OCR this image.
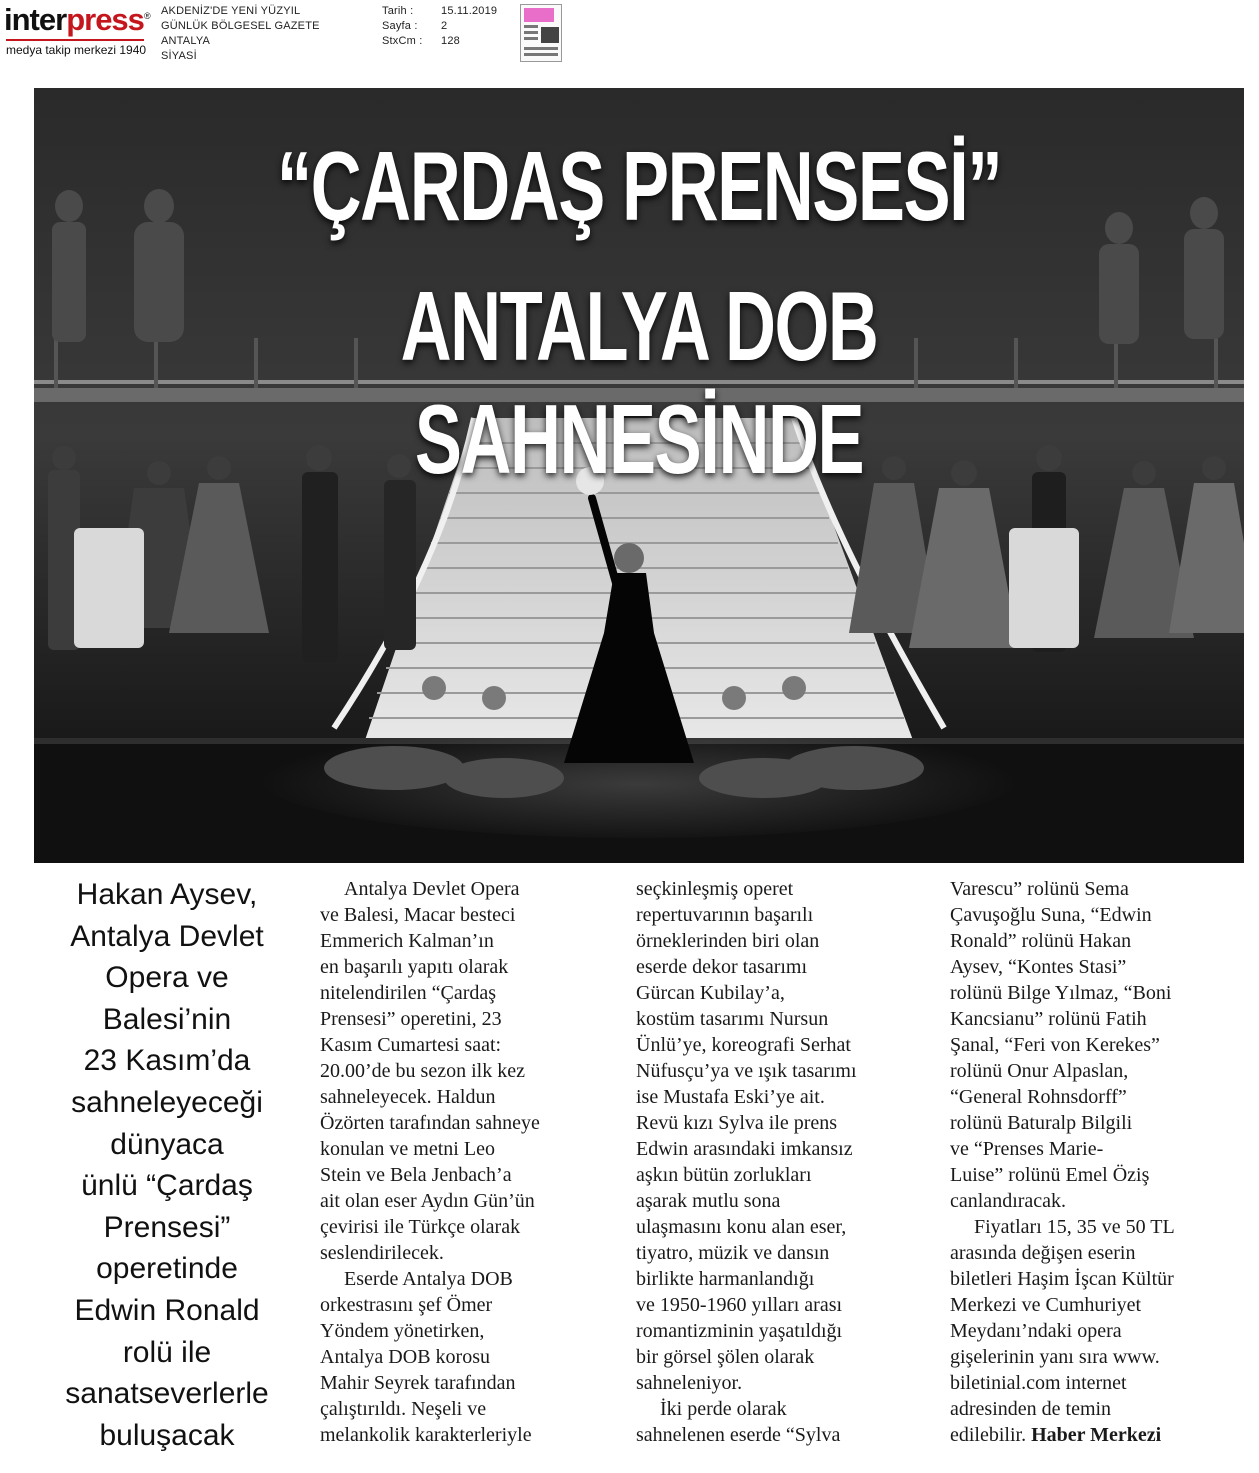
interpress ®
medya takip merkezi 1940
AKDENİZ'DE YENİ YÜZYIL
GÜNLÜK BÖLGESEL GAZETE
ANTALYA
SİYASİ
Tarih :
Sayfa :
StxCm :
15.11.2019
2
128
“ÇARDAŞ PRENSESİ”
ANTALYA DOB SAHNESİNDE
Hakan Aysev,
Antalya Devlet
Opera ve
Balesi’nin
23 Kasım’da
sahneleyeceği
dünyaca
ünlü “Çardaş
Prensesi”
operetinde
Edwin Ronald
rolü ile
sanatseverlerle
buluşacak

Antalya Devlet Opera

ve Balesi, Macar besteci

Emmerich Kalman’ın

en başarılı yapıtı olarak

nitelendirilen “Çardaş

Prensesi” operetini, 23

Kasım Cumartesi saat:

20.00’de bu sezon ilk kez

sahneleyecek. Haldun

Özörten tarafından sahneye

konulan ve metni Leo

Stein ve Bela Jenbach’a

ait olan eser Aydın Gün’ün

çevirisi ile Türkçe olarak

seslendirilecek.

Eserde Antalya DOB

orkestrasını şef Ömer

Yöndem yönetirken,

Antalya DOB korosu

Mahir Seyrek tarafından

çalıştırıldı. Neşeli ve

melankolik karakterleriyle

seçkinleşmiş operet

repertuvarının başarılı

örneklerinden biri olan

eserde dekor tasarımı

Gürcan Kubilay’a,

kostüm tasarımı Nursun

Ünlü’ye, koreografi Serhat

Nüfusçu’ya ve ışık tasarımı

ise Mustafa Eski’ye ait.

Revü kızı Sylva ile prens

Edwin arasındaki imkansız

aşkın bütün zorlukları

aşarak mutlu sona

ulaşmasını konu alan eser,

tiyatro, müzik ve dansın

birlikte harmanlandığı

ve 1950-1960 yılları arası

romantizminin yaşatıldığı

bir görsel şölen olarak

sahneleniyor.

İki perde olarak

sahnelenen eserde “Sylva

Varescu” rolünü Sema

Çavuşoğlu Suna, “Edwin

Ronald” rolünü Hakan

Aysev, “Kontes Stasi”

rolünü Bilge Yılmaz, “Boni

Kancsianu” rolünü Fatih

Şanal, “Feri von Kerekes”

rolünü Onur Alpaslan,

“General Rohnsdorff”

rolünü Baturalp Bilgili

ve “Prenses Marie-

Luise” rolünü Emel Öziş

canlandıracak.

Fiyatları 15, 35 ve 50 TL

arasında değişen eserin

biletleri Haşim İşcan Kültür

Merkezi ve Cumhuriyet

Meydanı’ndaki opera

gişelerinin yanı sıra www.

biletinial.com internet

adresinden de temin

edilebilir. Haber Merkezi
